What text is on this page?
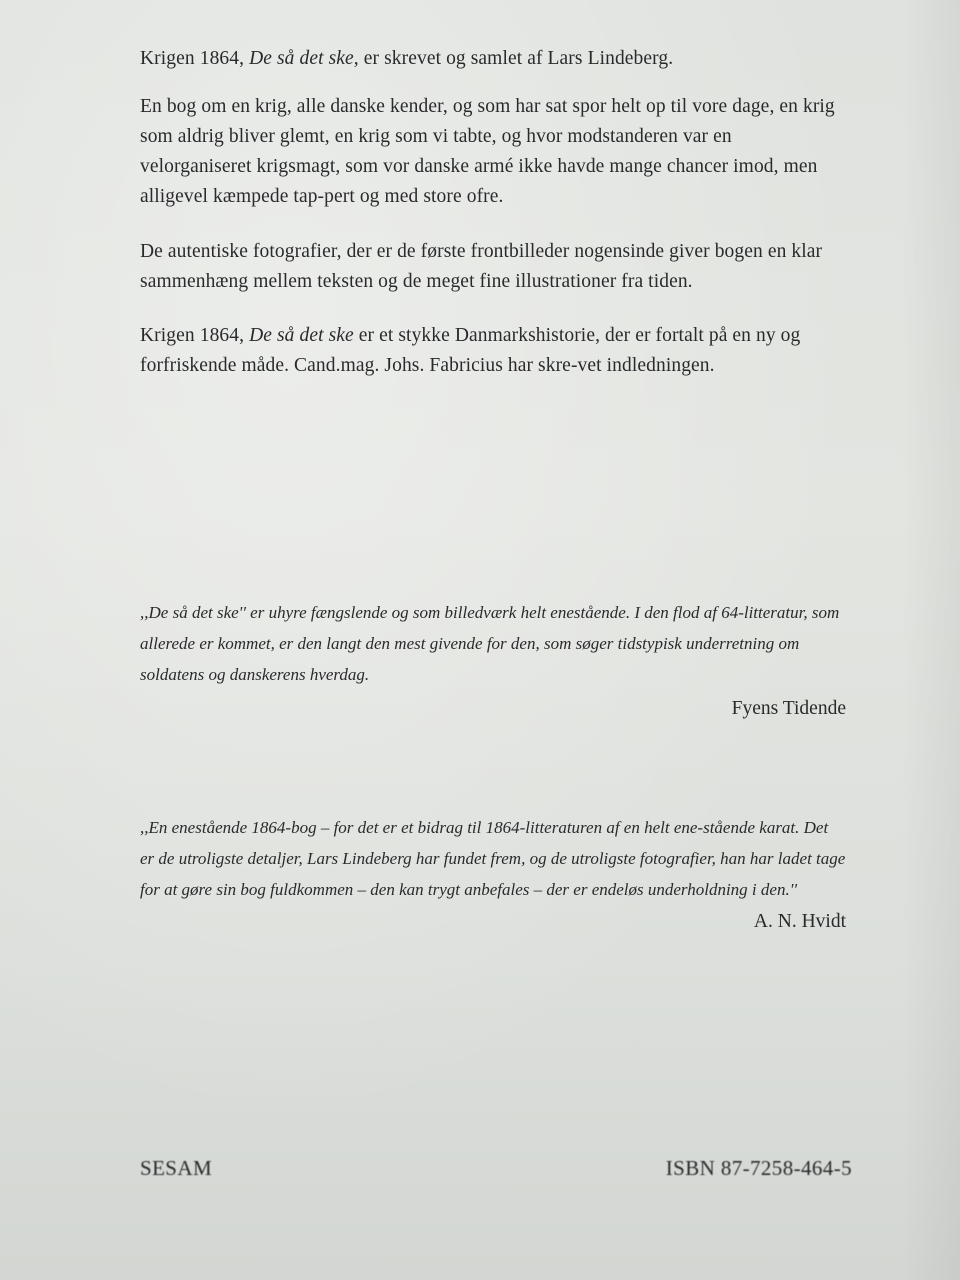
Krigen 1864, De så det ske, er skrevet og samlet af Lars Lindeberg.

En bog om en krig, alle danske kender, og som har sat spor helt op til vore dage, en krig som aldrig bliver glemt, en krig som vi tabte, og hvor modstanderen var en velorganiseret krigsmagt, som vor danske armé ikke havde mange chancer imod, men alligevel kæmpede tap-pert og med store ofre.

De autentiske fotografier, der er de første frontbilleder nogensinde giver bogen en klar sammenhæng mellem teksten og de meget fine illustrationer fra tiden.

Krigen 1864, De så det ske er et stykke Danmarkshistorie, der er fortalt på en ny og forfriskende måde. Cand.mag. Johs. Fabricius har skre-vet indledningen.

,,De så det ske'' er uhyre fængslende og som billedværk helt enestående. I den flod af 64-litteratur, som allerede er kommet, er den langt den mest givende for den, som søger tidstypisk underretning om soldatens og danskerens hverdag.

Fyens Tidende

,,En enestående 1864-bog – for det er et bidrag til 1864-litteraturen af en helt ene-stående karat. Det er de utroligste detaljer, Lars Lindeberg har fundet frem, og de utroligste fotografier, han har ladet tage for at gøre sin bog fuldkommen – den kan trygt anbefales – der er endeløs underholdning i den.''

A. N. Hvidt

SESAM	ISBN 87-7258-464-5
